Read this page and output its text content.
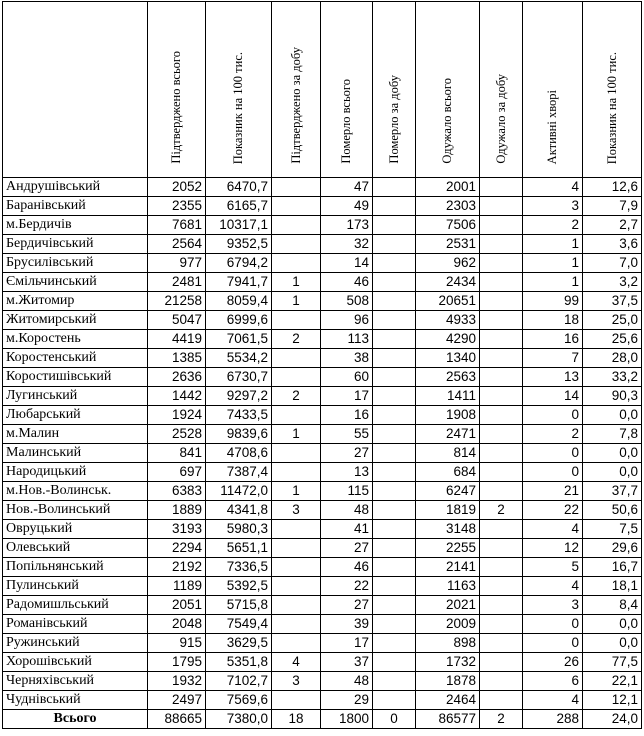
	Підтверджено всього	Показник на 100 тис.	Підтверджено за добу	Померло всього	Померло за добу	Одужало всього	Одужало за добу	Активні хворі	Показник на 100 тис.
Андрушівський	2052	6470,7		47		2001		4	12,6
Баранівський	2355	6165,7		49		2303		3	7,9
м.Бердичів	7681	10317,1		173		7506		2	2,7
Бердичівський	2564	9352,5		32		2531		1	3,6
Брусилівський	977	6794,2		14		962		1	7,0
Ємільчинський	2481	7941,7	1	46		2434		1	3,2
м.Житомир	21258	8059,4	1	508		20651		99	37,5
Житомирський	5047	6999,6		96		4933		18	25,0
м.Коростень	4419	7061,5	2	113		4290		16	25,6
Коростенський	1385	5534,2		38		1340		7	28,0
Коростишівський	2636	6730,7		60		2563		13	33,2
Лугинський	1442	9297,2	2	17		1411		14	90,3
Любарський	1924	7433,5		16		1908		0	0,0
м.Малин	2528	9839,6	1	55		2471		2	7,8
Малинський	841	4708,6		27		814		0	0,0
Народицький	697	7387,4		13		684		0	0,0
м.Нов.-Волинськ.	6383	11472,0	1	115		6247		21	37,7
Нов.-Волинський	1889	4341,8	3	48		1819	2	22	50,6
Овруцький	3193	5980,3		41		3148		4	7,5
Олевський	2294	5651,1		27		2255		12	29,6
Попільнянський	2192	7336,5		46		2141		5	16,7
Пулинський	1189	5392,5		22		1163		4	18,1
Радомишльський	2051	5715,8		27		2021		3	8,4
Романівський	2048	7549,4		39		2009		0	0,0
Ружинський	915	3629,5		17		898		0	0,0
Хорошівський	1795	5351,8	4	37		1732		26	77,5
Черняхівський	1932	7102,7	3	48		1878		6	22,1
Чуднівський	2497	7569,6		29		2464		4	12,1
Всього	88665	7380,0	18	1800	0	86577	2	288	24,0
